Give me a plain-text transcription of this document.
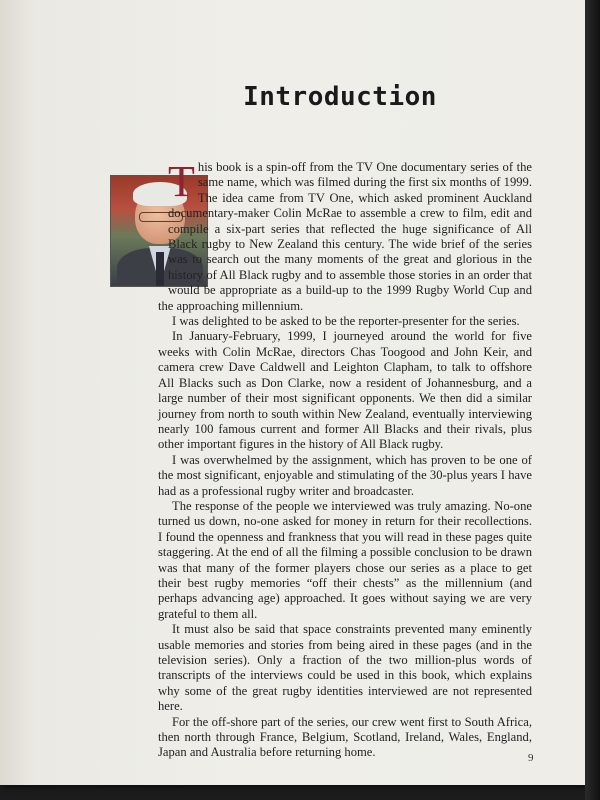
Introduction

This book is a spin-off from the TV One documentary series of the same name, which was filmed during the first six months of 1999. The idea came from TV One, which asked prominent Auckland documentary-maker Colin McRae to assemble a crew to film, edit and compile a six-part series that reflected the huge significance of All Black rugby to New Zealand this century. The wide brief of the series was to search out the many moments of the great and glorious in the history of All Black rugby and to assemble those stories in an order that would be appropriate as a build-up to the 1999 Rugby World Cup and the approaching millennium.

I was delighted to be asked to be the reporter-presenter for the series.

In January-February, 1999, I journeyed around the world for five weeks with Colin McRae, directors Chas Toogood and John Keir, and camera crew Dave Caldwell and Leighton Clapham, to talk to offshore All Blacks such as Don Clarke, now a resident of Johannesburg, and a large number of their most significant opponents. We then did a similar journey from north to south within New Zealand, eventually interviewing nearly 100 famous current and former All Blacks and their rivals, plus other important figures in the history of All Black rugby.

I was overwhelmed by the assignment, which has proven to be one of the most significant, enjoyable and stimulating of the 30-plus years I have had as a professional rugby writer and broadcaster.

The response of the people we interviewed was truly amazing. No-one turned us down, no-one asked for money in return for their recollections. I found the openness and frankness that you will read in these pages quite staggering. At the end of all the filming a possible conclusion to be drawn was that many of the former players chose our series as a place to get their best rugby memories “off their chests” as the millennium (and perhaps advancing age) approached. It goes without saying we are very grateful to them all.

It must also be said that space constraints prevented many eminently usable memories and stories from being aired in these pages (and in the television series). Only a fraction of the two million-plus words of transcripts of the interviews could be used in this book, which explains why some of the great rugby identities interviewed are not represented here.

For the off-shore part of the series, our crew went first to South Africa, then north through France, Belgium, Scotland, Ireland, Wales, England, Japan and Australia before returning home.	9
